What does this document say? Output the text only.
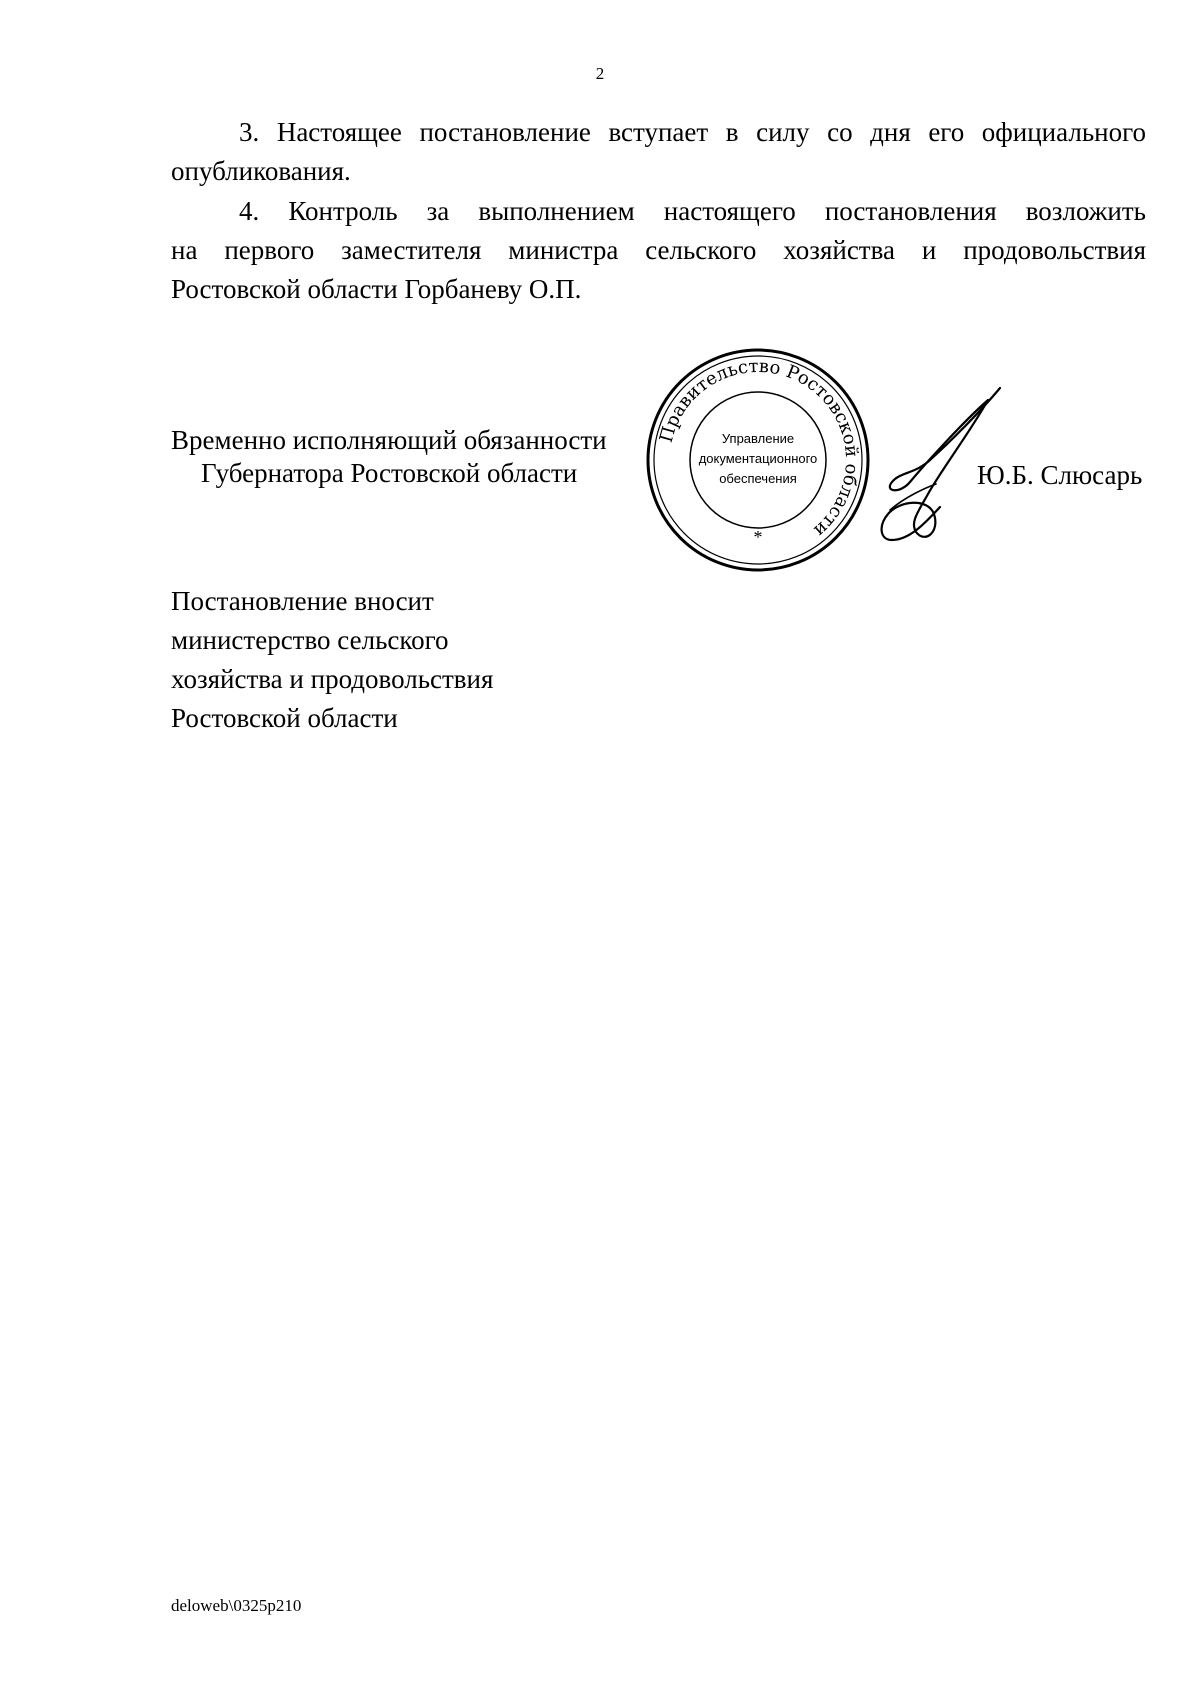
2
3. Настоящее постановление вступает в силу со дня его официального
опубликования.
4. Контроль за выполнением настоящего постановления возложить
на первого заместителя министра сельского хозяйства и продовольствия
Ростовской области Горбаневу О.П.
Временно исполняющий обязанности
Губернатора Ростовской области
Правительство Ростовской области
Управление
документационного
обеспечения
*
Ю.Б. Слюсарь
Постановление вносит
министерство сельского
хозяйства и продовольствия
Ростовской области
deloweb\0325p210
